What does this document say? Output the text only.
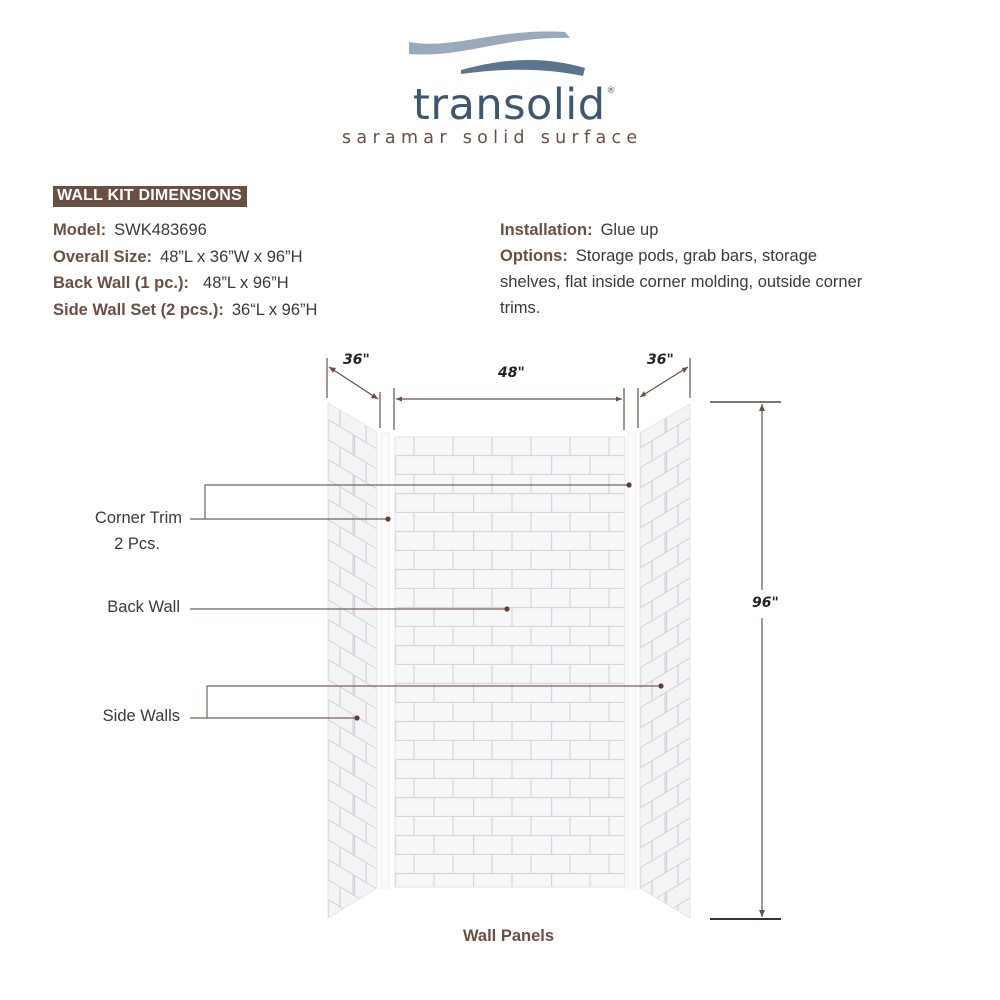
transolid®
saramar solid surface
WALL KIT DIMENSIONS
Model: SWK483696
Overall Size: 48”L x 36”W x 96”H
Back Wall (1 pc.): 48”L x 96”H
Side Wall Set (2 pcs.): 36“L x 96”H
Installation: Glue up
Options: Storage pods, grab bars, storage shelves, flat inside corner molding, outside corner trims.
36"
48"
36"
96"
Corner Trim
2 Pcs.
Back Wall
Side Walls
Wall Panels
